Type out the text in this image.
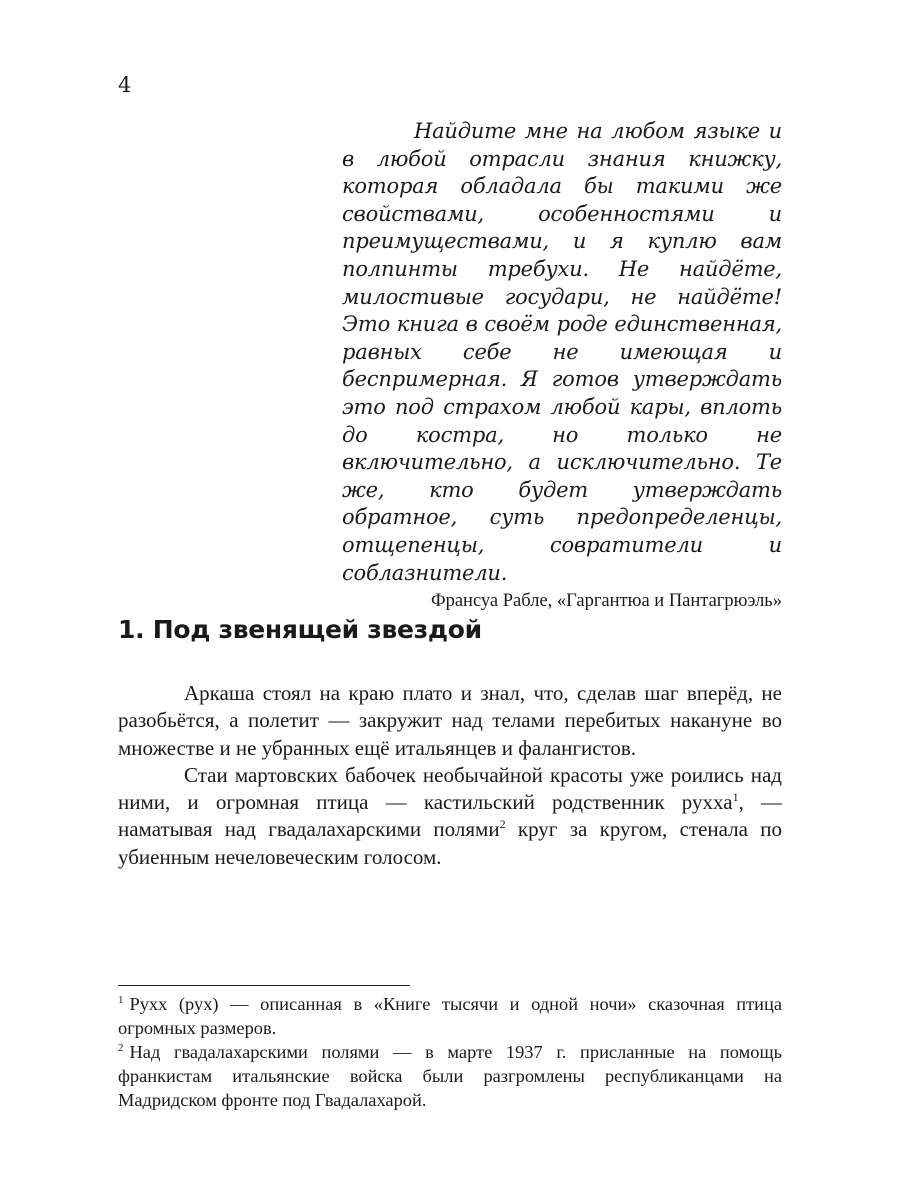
4

Найдите мне на любом языке и в любой отрасли знания книжку, которая обладала бы такими же свойствами, особенностями и преимуществами, и я куплю вам полпинты требухи. Не найдёте, милостивые государи, не найдёте! Это книга в своём роде единственная, равных себе не имеющая и беспримерная. Я готов утверждать это под страхом любой кары, вплоть до костра, но только не включительно, а исключительно. Те же, кто будет утверждать обратное, суть предопределенцы, отщепенцы, совратители и соблазнители.

Франсуа Рабле, «Гаргантюа и Пантагрюэль»

1. Под звенящей звездой

Аркаша стоял на краю плато и знал, что, сделав шаг вперёд, не разобьётся, а полетит — закружит над телами перебитых накануне во множестве и не убранных ещё итальянцев и фалангистов.

Стаи мартовских бабочек необычайной красоты уже роились над ними, и огромная птица — кастильский родственник рухха$^1$, — наматывая над гвадалахарскими полями$^2$ круг за кругом, стенала по убиенным нечеловеческим голосом.

$^1$ Рухх (рух) — описанная в «Книге тысячи и одной ночи» сказочная птица огромных размеров.

$^2$ Над гвадалахарскими полями — в марте 1937 г. присланные на помощь франкистам итальянские войска были разгромлены республиканцами на Мадридском фронте под Гвадалахарой.
